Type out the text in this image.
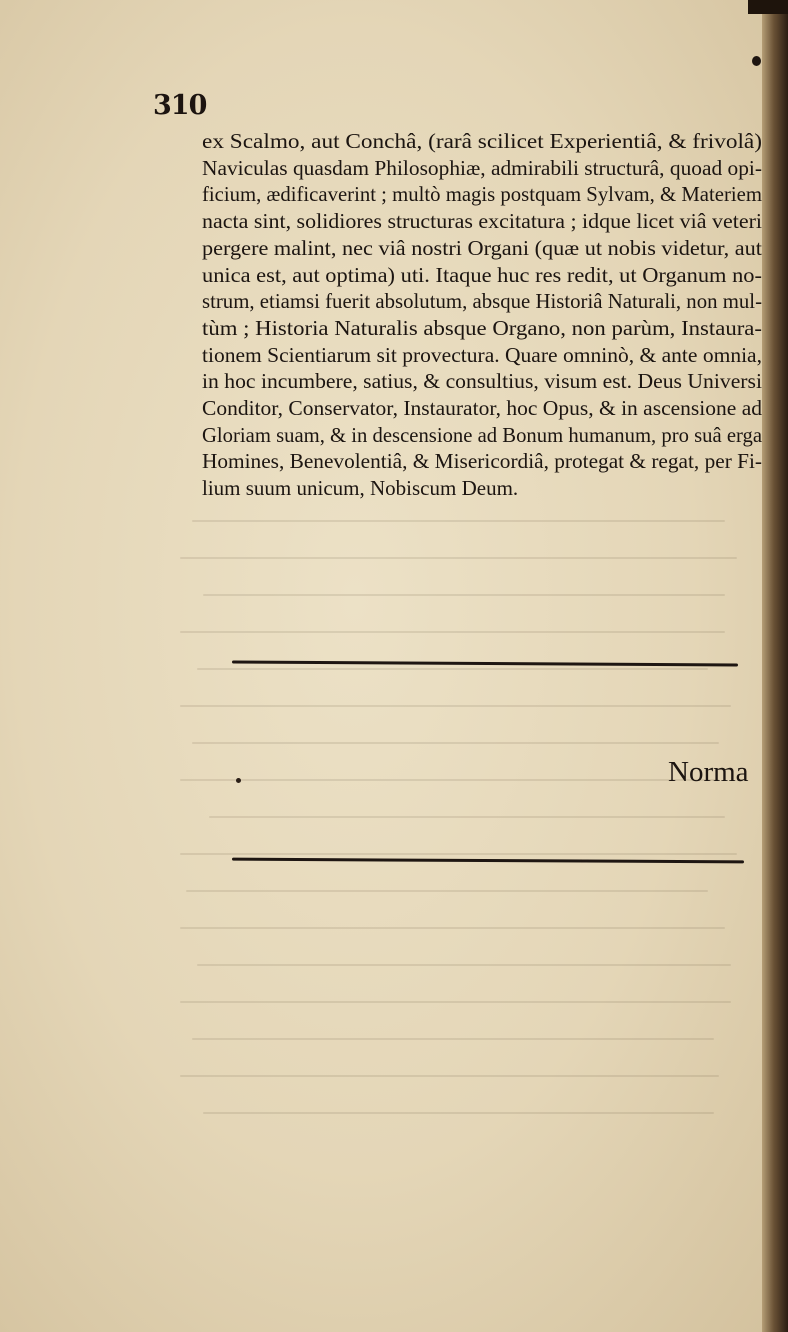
310
ex Scalmo, aut Conchâ, (rarâ scilicet Experientiâ, & frivolâ)
Naviculas quasdam Philosophiæ, admirabili structurâ, quoad opi-
ficium, ædificaverint ; multò magis postquam Sylvam, & Materiem
nacta sint, solidiores structuras excitatura ; idque licet viâ veteri
pergere malint, nec viâ nostri Organi (quæ ut nobis videtur, aut
unica est, aut optima) uti. Itaque huc res redit, ut Organum no-
strum, etiamsi fuerit absolutum, absque Historiâ Naturali, non mul-
tùm ; Historia Naturalis absque Organo, non parùm, Instaura-
tionem Scientiarum sit provectura. Quare omninò, & ante omnia,
in hoc incumbere, satius, & consultius, visum est. Deus Universi
Conditor, Conservator, Instaurator, hoc Opus, & in ascensione ad
Gloriam suam, & in descensione ad Bonum humanum, pro suâ erga
Homines, Benevolentiâ, & Misericordiâ, protegat & regat, per Fi-
lium suum unicum, Nobiscum Deum.
Norma
